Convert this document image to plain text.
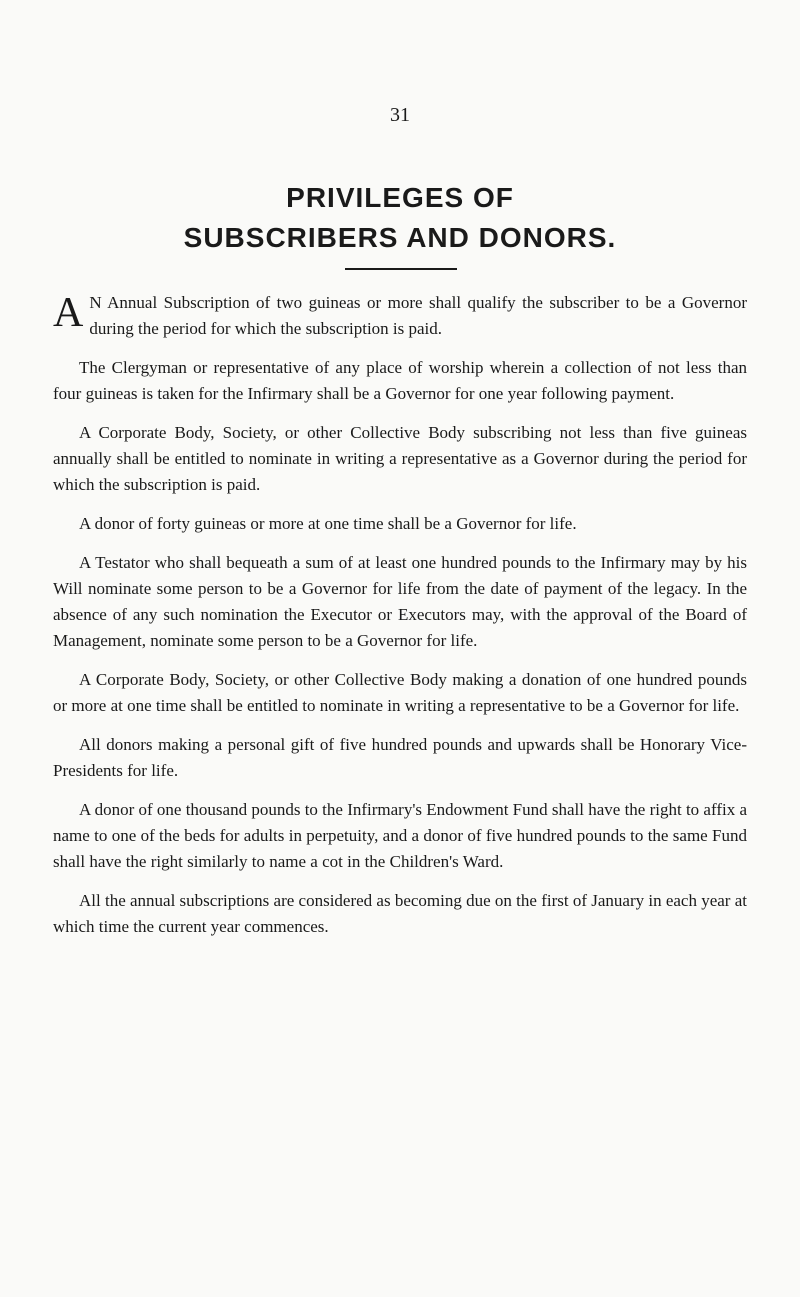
31
PRIVILEGES OF
SUBSCRIBERS AND DONORS.

A N Annual Subscription of two guineas or more shall qualify the subscriber to be a Governor during the period for which the subscription is paid.

The Clergyman or representative of any place of worship wherein a collection of not less than four guineas is taken for the Infirmary shall be a Governor for one year following payment.

A Corporate Body, Society, or other Collective Body subscribing not less than five guineas annually shall be entitled to nominate in writing a representative as a Governor during the period for which the subscription is paid.

A donor of forty guineas or more at one time shall be a Governor for life.

A Testator who shall bequeath a sum of at least one hundred pounds to the Infirmary may by his Will nominate some person to be a Governor for life from the date of payment of the legacy. In the absence of any such nomination the Executor or Executors may, with the approval of the Board of Management, nominate some person to be a Governor for life.

A Corporate Body, Society, or other Collective Body making a donation of one hundred pounds or more at one time shall be entitled to nominate in writing a representative to be a Governor for life.

All donors making a personal gift of five hundred pounds and upwards shall be Honorary Vice-Presidents for life.

A donor of one thousand pounds to the Infirmary's Endowment Fund shall have the right to affix a name to one of the beds for adults in perpetuity, and a donor of five hundred pounds to the same Fund shall have the right similarly to name a cot in the Children's Ward.

All the annual subscriptions are considered as becoming due on the first of January in each year at which time the current year commences.
